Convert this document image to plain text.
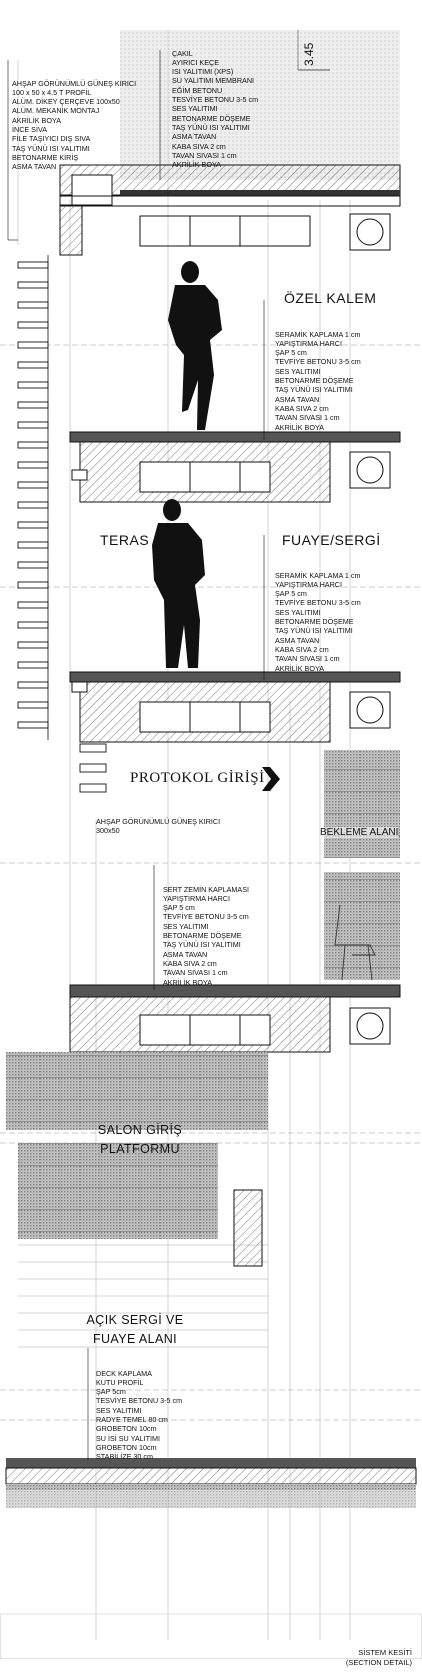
3.45

AHŞAP GÖRÜNÜMLÜ GÜNEŞ KIRICI
100 x 50 x 4.5 T PROFİL
ALÜM. DİKEY ÇERÇEVE 100x50
ALÜM. MEKANİK MONTAJ
AKRİLİK BOYA
İNCE SIVA
FİLE TAŞIYICI DIŞ SIVA
TAŞ YÜNÜ ISI YALITIMI
BETONARME KİRİŞ
ASMA TAVAN

ÇAKIL
AYIRICI KEÇE
ISI YALITIMI (XPS)
SU YALITIMI MEMBRANI
EĞİM BETONU
TESVİYE BETONU 3-5 cm
SES YALITIMI
BETONARME DÖŞEME
TAŞ YÜNÜ ISI YALITIMI
ASMA TAVAN
KABA SIVA 2 cm
TAVAN SIVASI 1 cm
AKRİLİK BOYA

ÖZEL KALEM

SERAMİK KAPLAMA 1 cm
YAPIŞTIRMA HARCI
ŞAP 5 cm
TEVFİYE BETONU 3-5 cm
SES YALITIMI
BETONARME DÖŞEME
TAŞ YÜNÜ ISI YALITIMI
ASMA TAVAN
KABA SIVA 2 cm
TAVAN SIVASI 1 cm
AKRİLİK BOYA

TERAS	FUAYE/SERGİ

SERAMİK KAPLAMA 1 cm
YAPIŞTIRMA HARCI
ŞAP 5 cm
TEVFİYE BETONU 3-5 cm
SES YALITIMI
BETONARME DÖŞEME
TAŞ YÜNÜ ISI YALITIMI
ASMA TAVAN
KABA SIVA 2 cm
TAVAN SIVASI 1 cm
AKRİLİK BOYA

PROTOKOL GİRİŞİ

AHŞAP GÖRÜNÜMLÜ GÜNEŞ KIRICI
300x50	BEKLEME ALANI

SERT ZEMİN KAPLAMASI
YAPIŞTIRMA HARCI
ŞAP 5 cm
TEVFİYE BETONU 3-5 cm
SES YALITIMI
BETONARME DÖŞEME
TAŞ YÜNÜ ISI YALITIMI
ASMA TAVAN
KABA SIVA 2 cm
TAVAN SIVASI 1 cm
AKRİLİK BOYA

SALON GİRİŞ
PLATFORMU

AÇIK SERGİ VE
FUAYE ALANI

DECK KAPLAMA
KUTU PROFİL
ŞAP 5cm
TESVİYE BETONU 3-5 cm
SES YALITIMI
RADYE TEMEL 80 cm
GROBETON 10cm
SU İSİ SU YALITIMI
GROBETON 10cm
STABİLİZE 30 cm

SİSTEM KESİTİ
(SECTION DETAIL)
